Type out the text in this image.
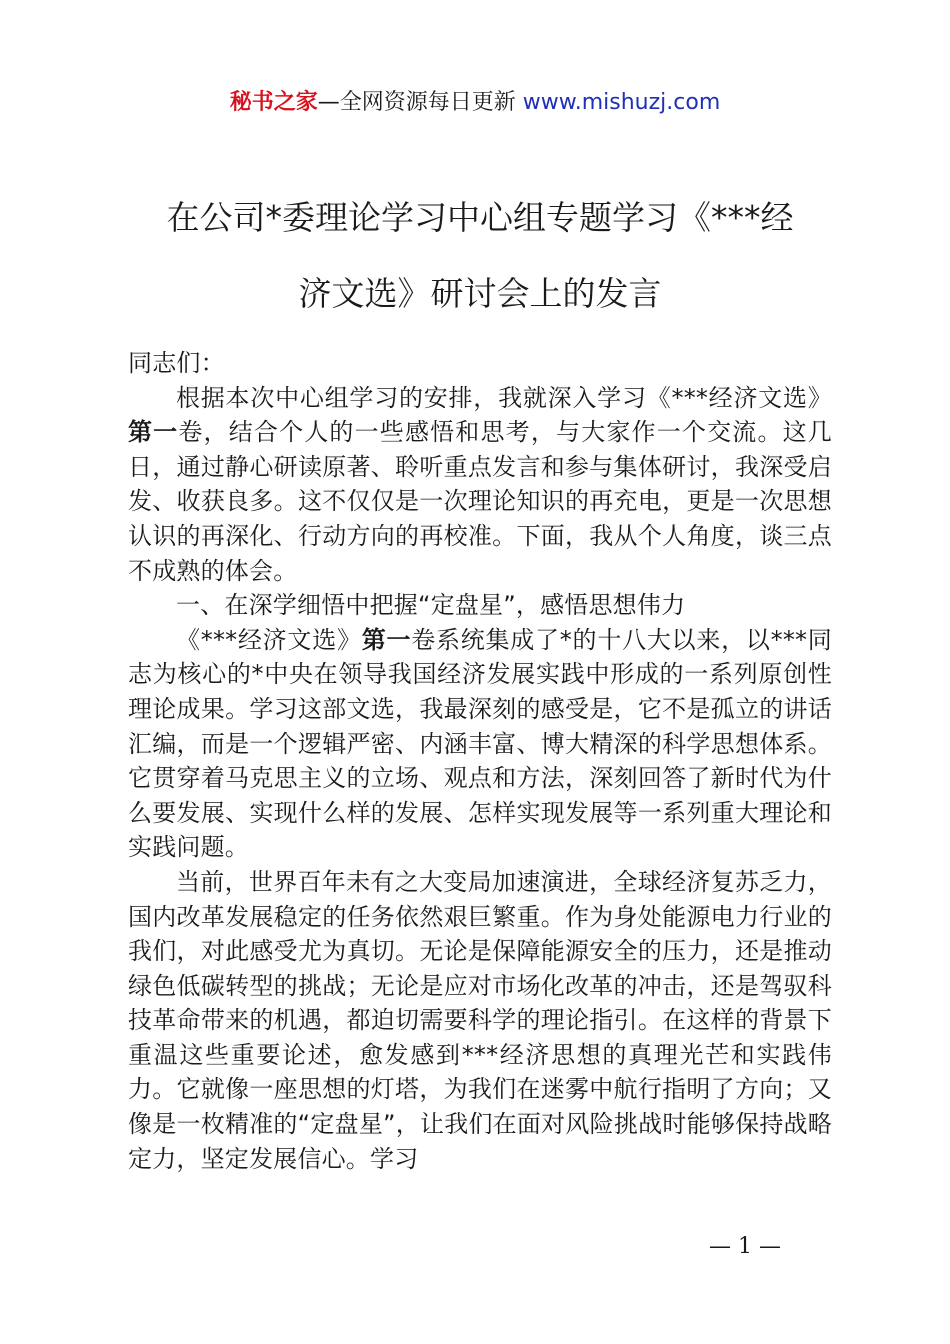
秘书之家—全网资源每日更新 www.mishuzj.com
在公司*委理论学习中心组专题学习《***经
济文选》研讨会上的发言

同志们：

根据本次中心组学习的安排，我就深入学习《***经济文选》第一卷，结合个人的一些感悟和思考，与大家作一个交流。这几日，通过静心研读原著、聆听重点发言和参与集体研讨，我深受启发、收获良多。这不仅仅是一次理论知识的再充电，更是一次思想认识的再深化、行动方向的再校准。下面，我从个人角度，谈三点不成熟的体会。

一、在深学细悟中把握“定盘星”，感悟思想伟力

《***经济文选》第一卷系统集成了*的十八大以来，以***同志为核心的*中央在领导我国经济发展实践中形成的一系列原创性理论成果。学习这部文选，我最深刻的感受是，它不是孤立的讲话汇编，而是一个逻辑严密、内涵丰富、博大精深的科学思想体系。它贯穿着马克思主义的立场、观点和方法，深刻回答了新时代为什么要发展、实现什么样的发展、怎样实现发展等一系列重大理论和实践问题。

当前，世界百年未有之大变局加速演进，全球经济复苏乏力，国内改革发展稳定的任务依然艰巨繁重。作为身处能源电力行业的我们，对此感受尤为真切。无论是保障能源安全的压力，还是推动绿色低碳转型的挑战；无论是应对市场化改革的冲击，还是驾驭科技革命带来的机遇，都迫切需要科学的理论指引。在这样的背景下重温这些重要论述，愈发感到***经济思想的真理光芒和实践伟力。它就像一座思想的灯塔，为我们在迷雾中航行指明了方向；又像是一枚精准的“定盘星”，让我们在面对风险挑战时能够保持战略定力，坚定发展信心。学习

— 1 —
